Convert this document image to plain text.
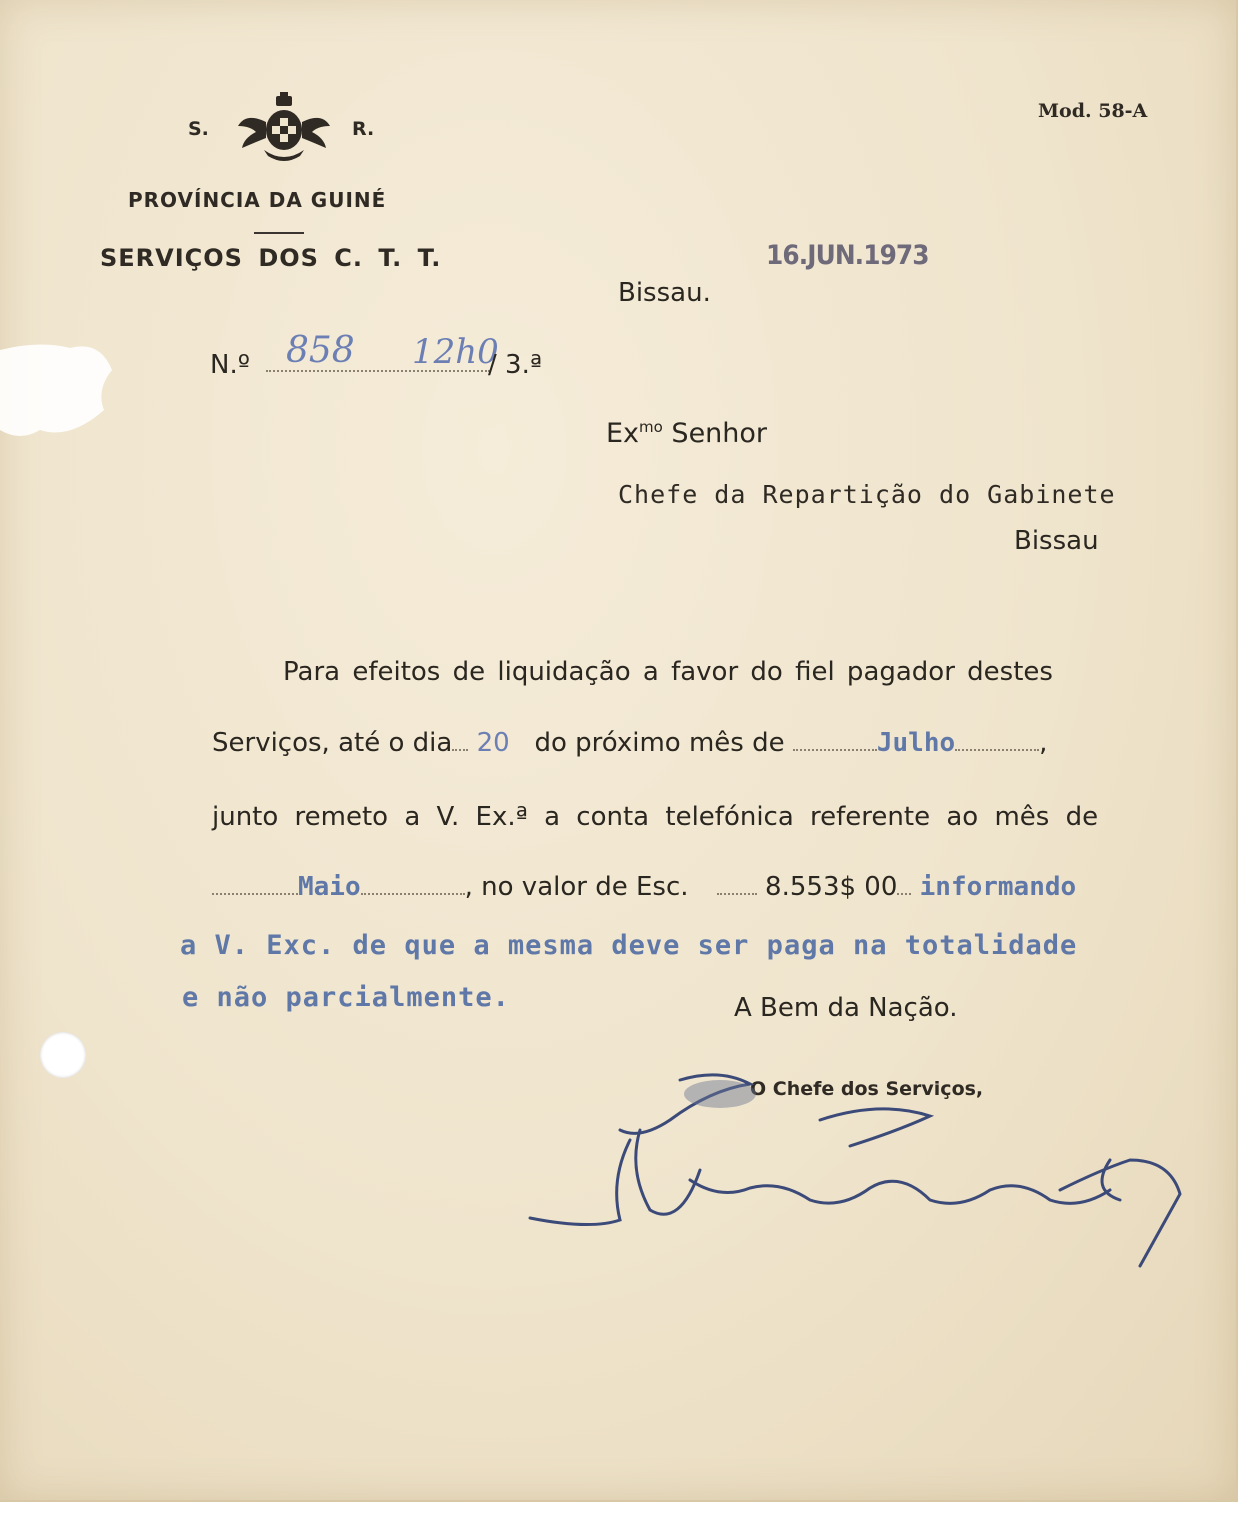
S.	R.
Mod. 58-A
PROVÍNCIA DA GUINÉ
SERVIÇOS DOS C. T. T.	16.JUN.1973
Bissau.
N.º 858 12h0
/ 3.ª
$Ex^{mo}$ Senhor
Chefe da Repartição do Gabinete
Bissau
Para efeitos de liquidação a favor do fiel pagador destes
Serviços, até o dia 20 do próximo mês de	Julho	,
junto remeto a V. Ex.ª a conta telefónica referente ao mês de
Maio	, no valor de Esc.	8.553$ 00 informando
a V. Exc. de que a mesma deve ser paga na totalidade
e não parcialmente.	A Bem da Nação.
O Chefe dos Serviços,
